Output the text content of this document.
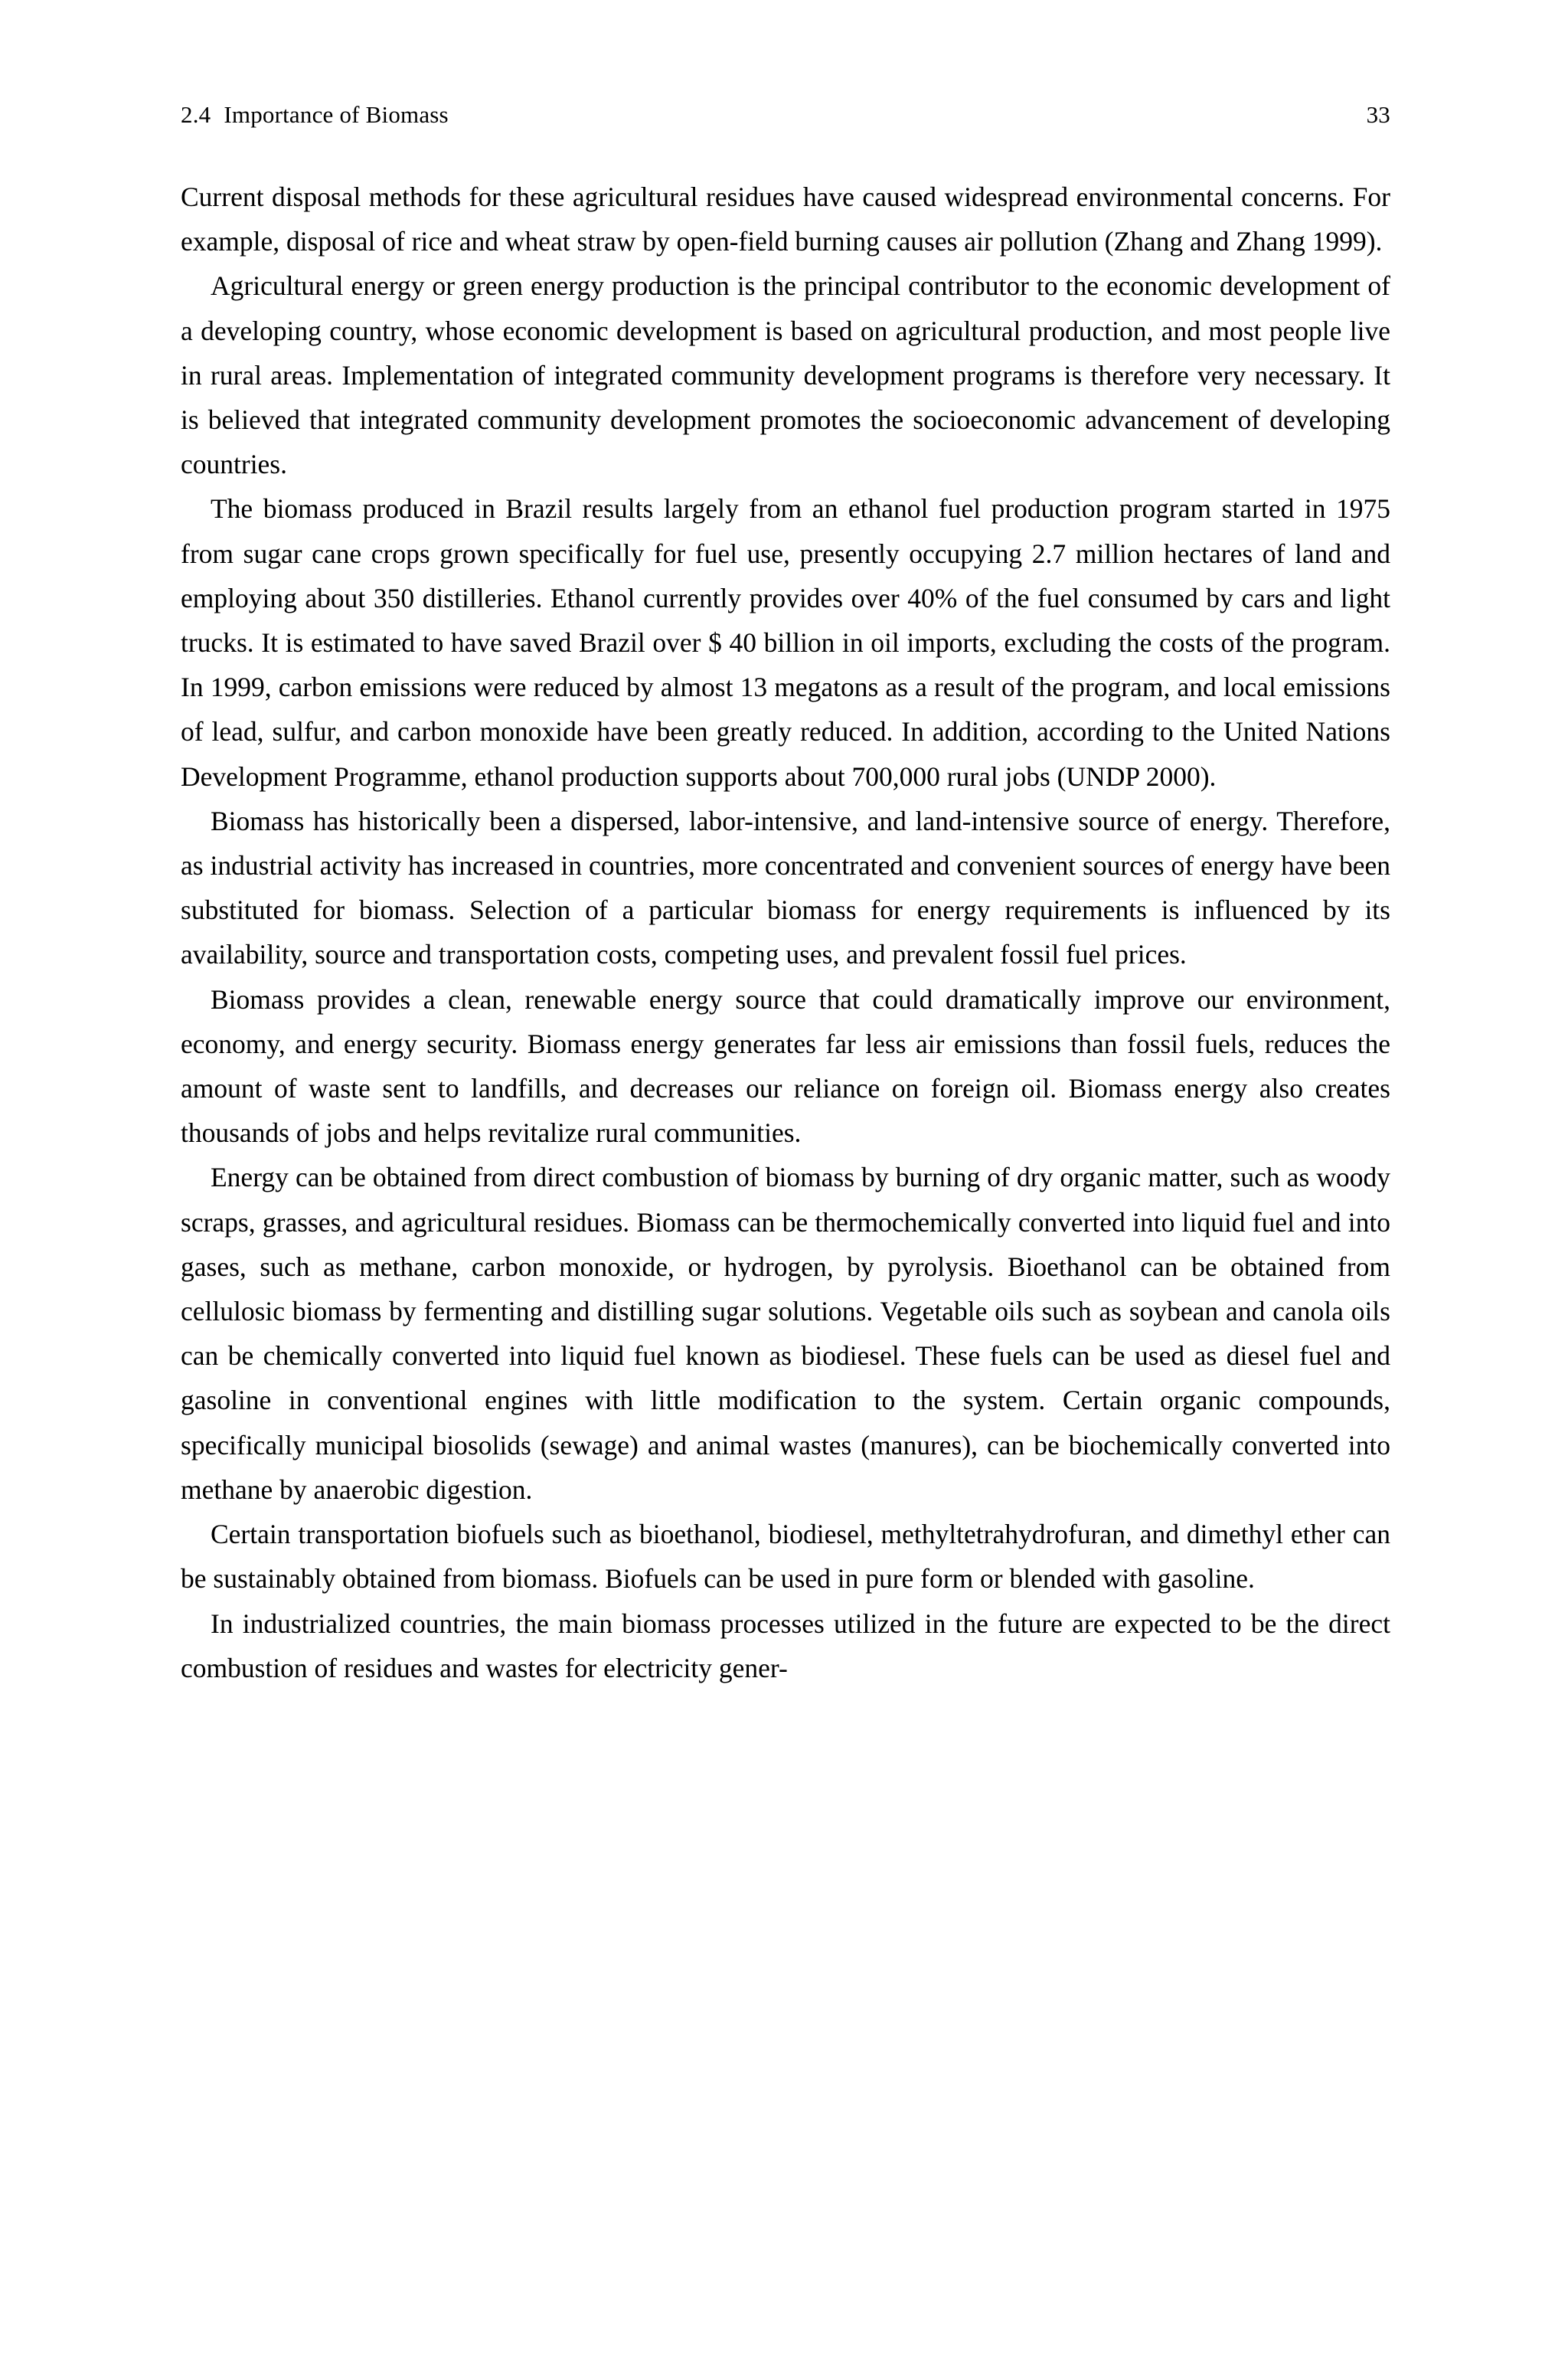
2.4 Importance of Biomass	33

Current disposal methods for these agricultural residues have caused widespread environmental concerns. For example, disposal of rice and wheat straw by open-field burning causes air pollution (Zhang and Zhang 1999).

Agricultural energy or green energy production is the principal contributor to the economic development of a developing country, whose economic development is based on agricultural production, and most people live in rural areas. Implementation of integrated community development programs is therefore very necessary. It is believed that integrated community development promotes the socioeconomic advancement of developing countries.

The biomass produced in Brazil results largely from an ethanol fuel production program started in 1975 from sugar cane crops grown specifically for fuel use, presently occupying 2.7 million hectares of land and employing about 350 distilleries. Ethanol currently provides over 40% of the fuel consumed by cars and light trucks. It is estimated to have saved Brazil over $ 40 billion in oil imports, excluding the costs of the program. In 1999, carbon emissions were reduced by almost 13 megatons as a result of the program, and local emissions of lead, sulfur, and carbon monoxide have been greatly reduced. In addition, according to the United Nations Development Programme, ethanol production supports about 700,000 rural jobs (UNDP 2000).

Biomass has historically been a dispersed, labor-intensive, and land-intensive source of energy. Therefore, as industrial activity has increased in countries, more concentrated and convenient sources of energy have been substituted for biomass. Selection of a particular biomass for energy requirements is influenced by its availability, source and transportation costs, competing uses, and prevalent fossil fuel prices.

Biomass provides a clean, renewable energy source that could dramatically improve our environment, economy, and energy security. Biomass energy generates far less air emissions than fossil fuels, reduces the amount of waste sent to landfills, and decreases our reliance on foreign oil. Biomass energy also creates thousands of jobs and helps revitalize rural communities.

Energy can be obtained from direct combustion of biomass by burning of dry organic matter, such as woody scraps, grasses, and agricultural residues. Biomass can be thermochemically converted into liquid fuel and into gases, such as methane, carbon monoxide, or hydrogen, by pyrolysis. Bioethanol can be obtained from cellulosic biomass by fermenting and distilling sugar solutions. Vegetable oils such as soybean and canola oils can be chemically converted into liquid fuel known as biodiesel. These fuels can be used as diesel fuel and gasoline in conventional engines with little modification to the system. Certain organic compounds, specifically municipal biosolids (sewage) and animal wastes (manures), can be biochemically converted into methane by anaerobic digestion.

Certain transportation biofuels such as bioethanol, biodiesel, methyltetrahydrofuran, and dimethyl ether can be sustainably obtained from biomass. Biofuels can be used in pure form or blended with gasoline.

In industrialized countries, the main biomass processes utilized in the future are expected to be the direct combustion of residues and wastes for electricity gener-
